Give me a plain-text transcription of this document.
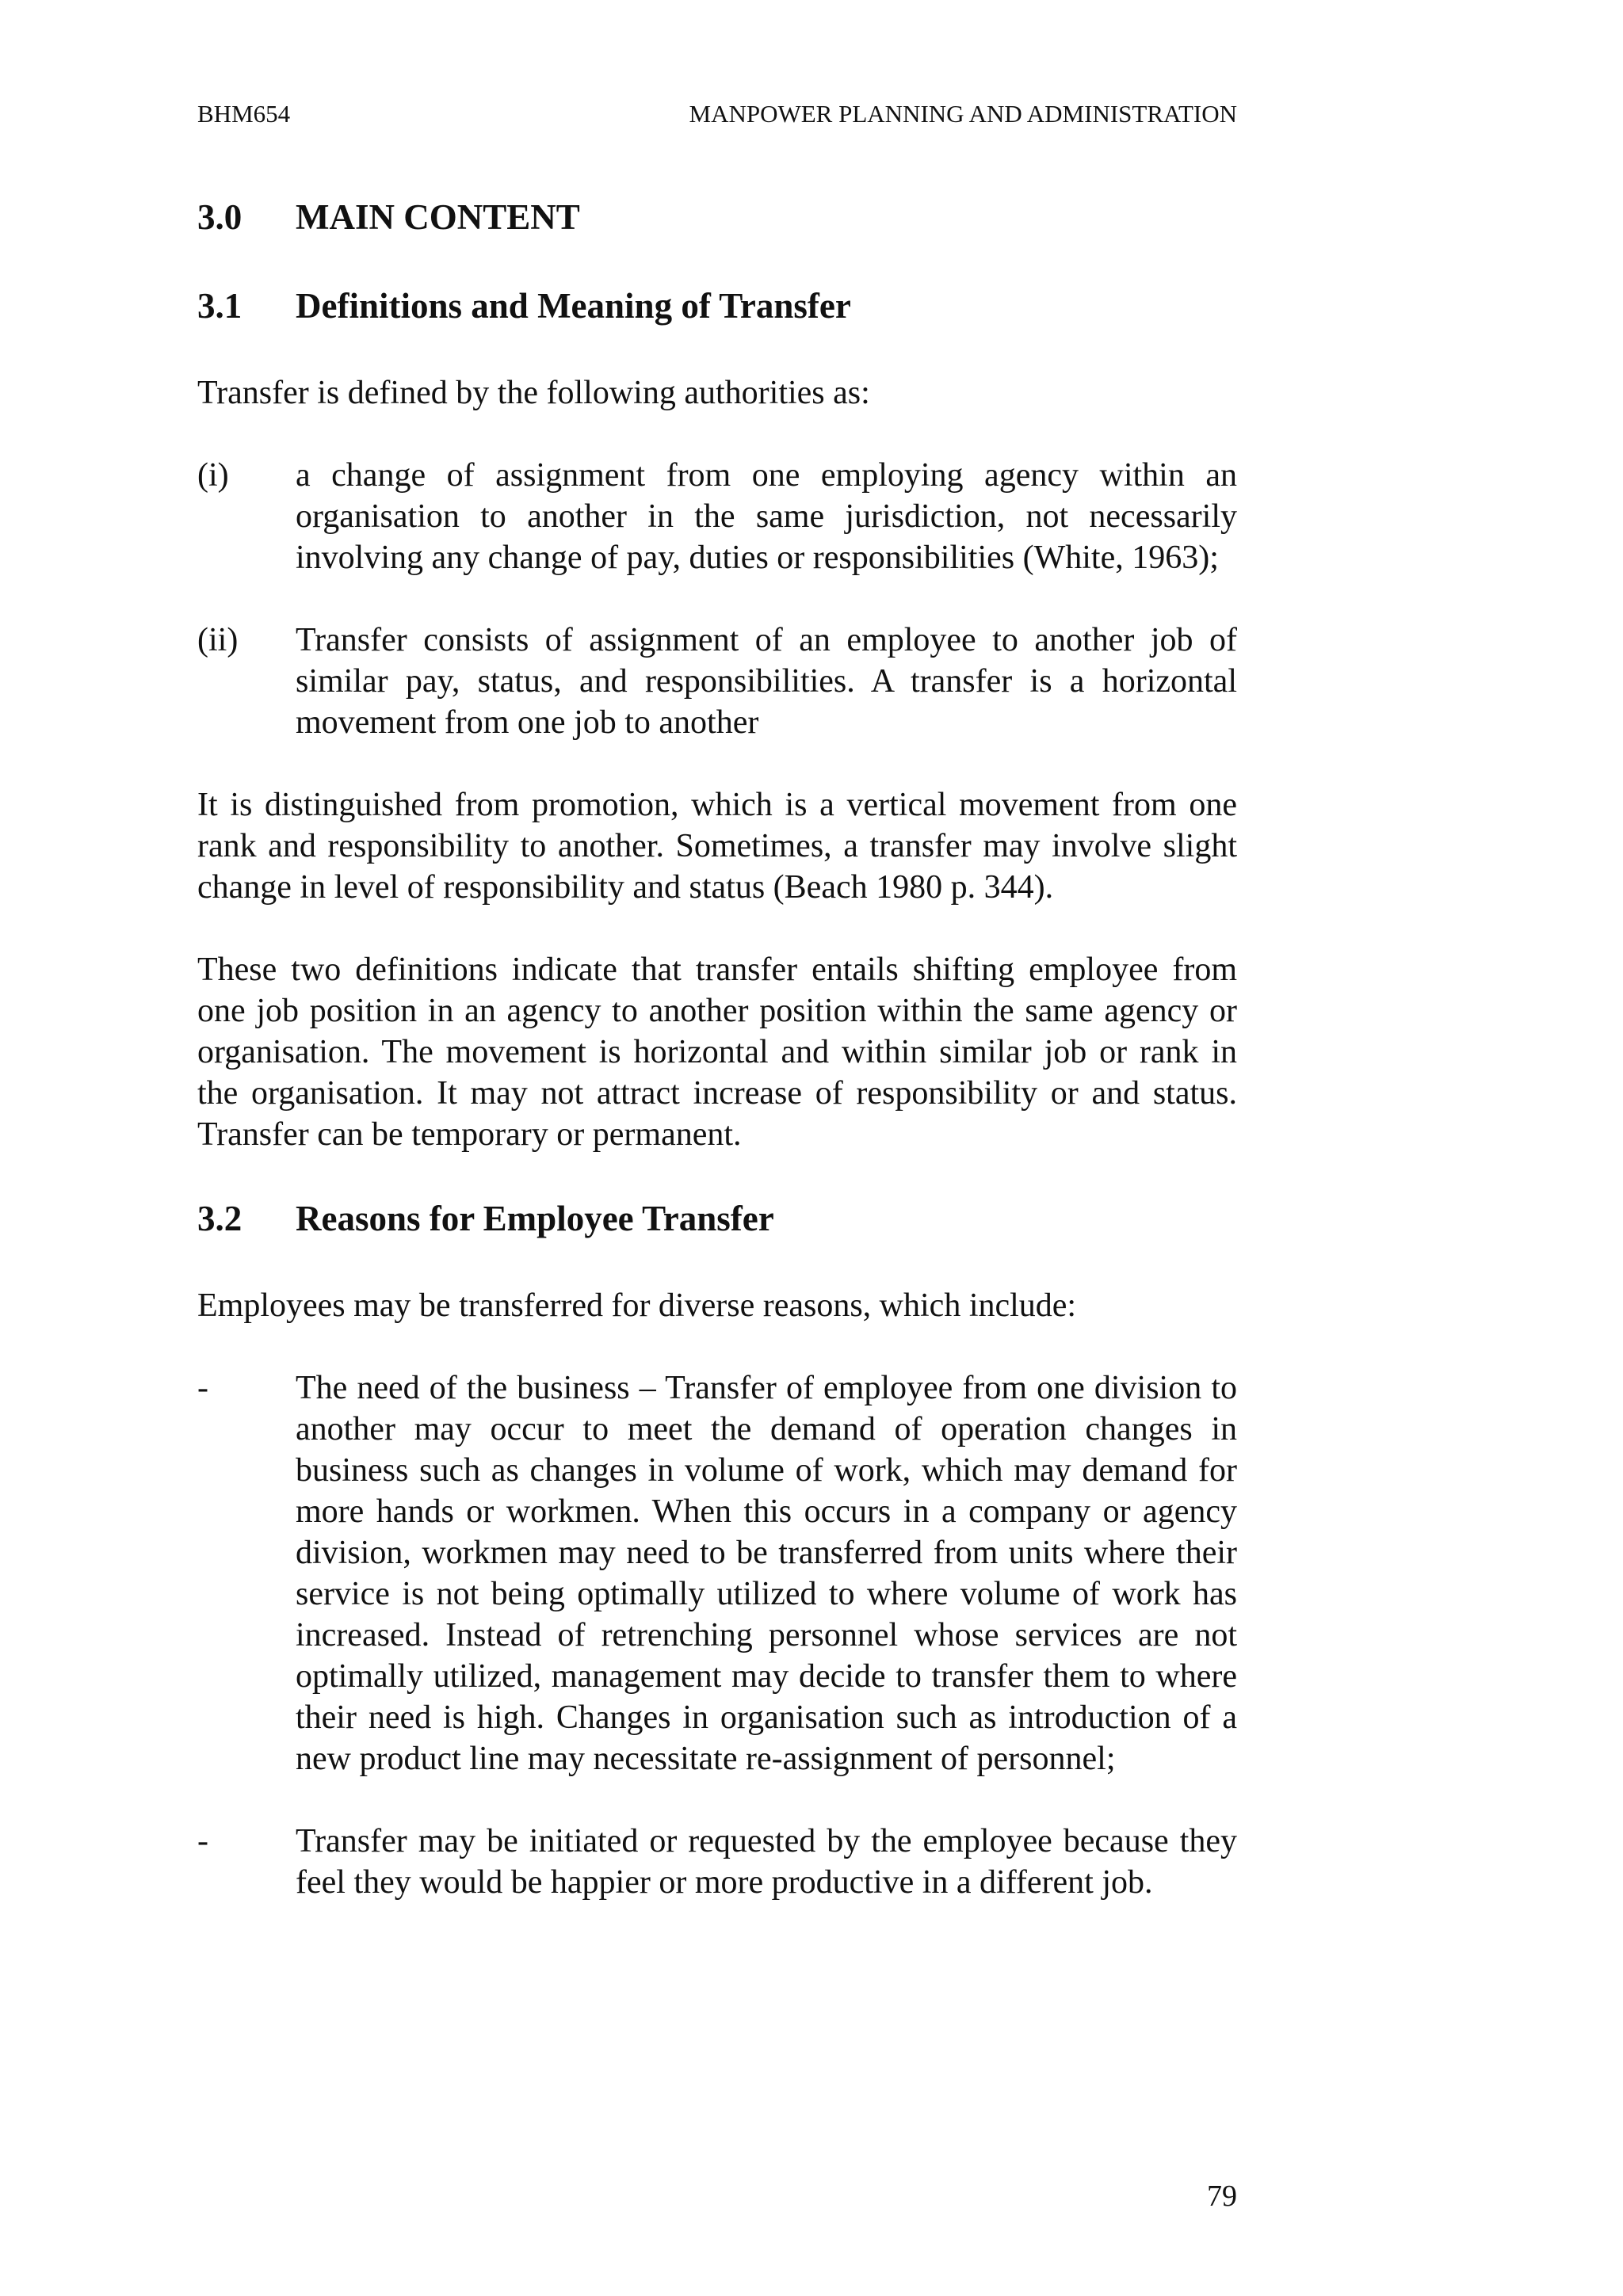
BHM654	MANPOWER PLANNING AND ADMINISTRATION
3.0	MAIN CONTENT
3.1	Definitions and Meaning of Transfer

Transfer is defined by the following authorities as:

(i)	a change of assignment from one employing agency within an organisation to another in the same jurisdiction, not necessarily involving any change of pay, duties or responsibilities (White, 1963);
(ii)	Transfer consists of assignment of an employee to another job of similar pay, status, and responsibilities. A transfer is a horizontal movement from one job to another

It is distinguished from promotion, which is a vertical movement from one rank and responsibility to another. Sometimes, a transfer may involve slight change in level of responsibility and status (Beach 1980 p. 344).

These two definitions indicate that transfer entails shifting employee from one job position in an agency to another position within the same agency or organisation. The movement is horizontal and within similar job or rank in the organisation. It may not attract increase of responsibility or and status. Transfer can be temporary or permanent.

3.2	Reasons for Employee Transfer

Employees may be transferred for diverse reasons, which include:

-	The need of the business – Transfer of employee from one division to another may occur to meet the demand of operation changes in business such as changes in volume of work, which may demand for more hands or workmen. When this occurs in a company or agency division, workmen may need to be transferred from units where their service is not being optimally utilized to where volume of work has increased. Instead of retrenching personnel whose services are not optimally utilized, management may decide to transfer them to where their need is high. Changes in organisation such as introduction of a new product line may necessitate re-assignment of personnel;
-	Transfer may be initiated or requested by the employee because they feel they would be happier or more productive in a different job.
79
